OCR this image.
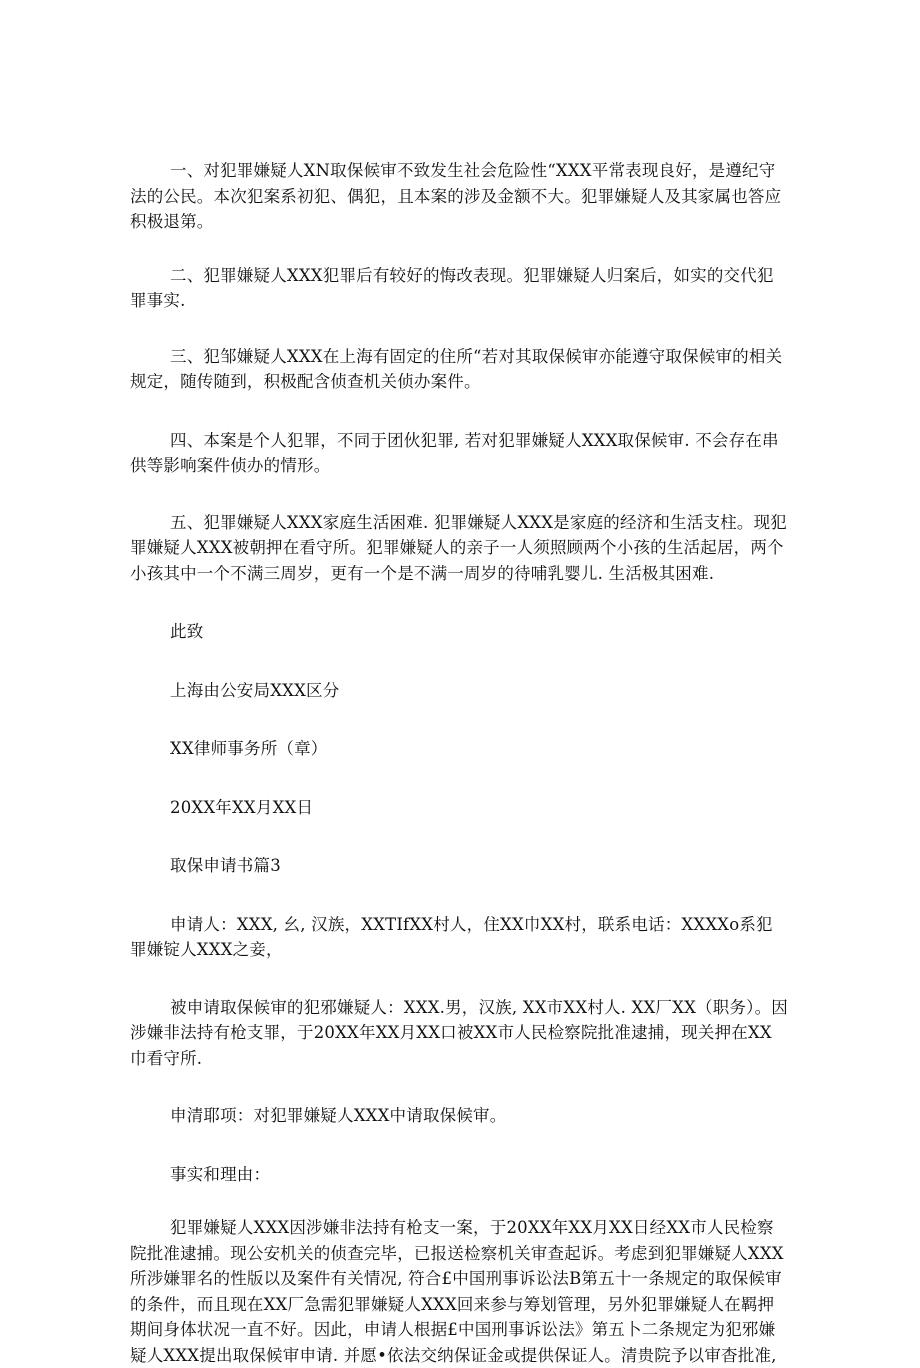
一、对犯罪嫌疑人XN取保候审不致发生社会危险性“XXX平常表现良好，是遵纪守法的公民。本次犯案系初犯、偶犯，且本案的涉及金额不大。犯罪嫌疑人及其家属也答应积极退第。

二、犯罪嫌疑人XXX犯罪后有较好的悔改表现。犯罪嫌疑人归案后，如实的交代犯罪事实.

三、犯邹嫌疑人XXX在上海有固定的住所“若对其取保候审亦能遵守取保候审的相关规定，随传随到，积极配含侦查机关侦办案件。

四、本案是个人犯罪，不同于团伙犯罪, 若对犯罪嫌疑人XXX取保候审. 不会存在串供等影响案件侦办的情形。

五、犯罪嫌疑人XXX家庭生活困难. 犯罪嫌疑人XXX是家庭的经济和生活支柱。现犯罪嫌疑人XXX被朝押在看守所。犯罪嫌疑人的亲子一人须照顾两个小孩的生活起居，两个小孩其中一个不满三周岁，更有一个是不满一周岁的待哺乳婴儿. 生活极其困难.

此致

上海由公安局XXX区分

XX律师事务所（章）

20XX年XX月XX日

取保申请书篇3

申请人：XXX, 幺, 汉族，XXTIfXX村人，住XX巾XX村，联系电话：XXXXo系犯罪嫌锭人XXX之妾，

被申请取保候审的犯邪嫌疑人：XXX.男，汉族, XX市XX村人. XX厂XX（职务）。因涉嫌非法持有枪支罪，于20XX年XX月XX口被XX市人民检察院批准逮捕，现关押在XX巾看守所.

申清耶项：对犯罪嫌疑人XXX中请取保候审。

事实和理由：

犯罪嫌疑人XXX因涉嫌非法持有枪支一案，于20XX年XX月XX日经XX市人民检察院批准逮捕。现公安机关的侦查完毕，已报送检察机关审查起诉。考虑到犯罪嫌疑人XXX所涉嫌罪名的性版以及案件有关情况, 符合£中国刑事诉讼法B第五十一条规定的取保候审的条件，而且现在XX厂急需犯罪嫌疑人XXX回来参与筹划管理，另外犯罪嫌疑人在羁押期间身体状况一直不好。因此，申请人根据£中国刑事诉讼法》第五卜二条规定为犯邪嫌疑人XXX提出取保候审申请. 并愿•依法交纳保证金或提供保证人。清贵院予以审杳批准,
